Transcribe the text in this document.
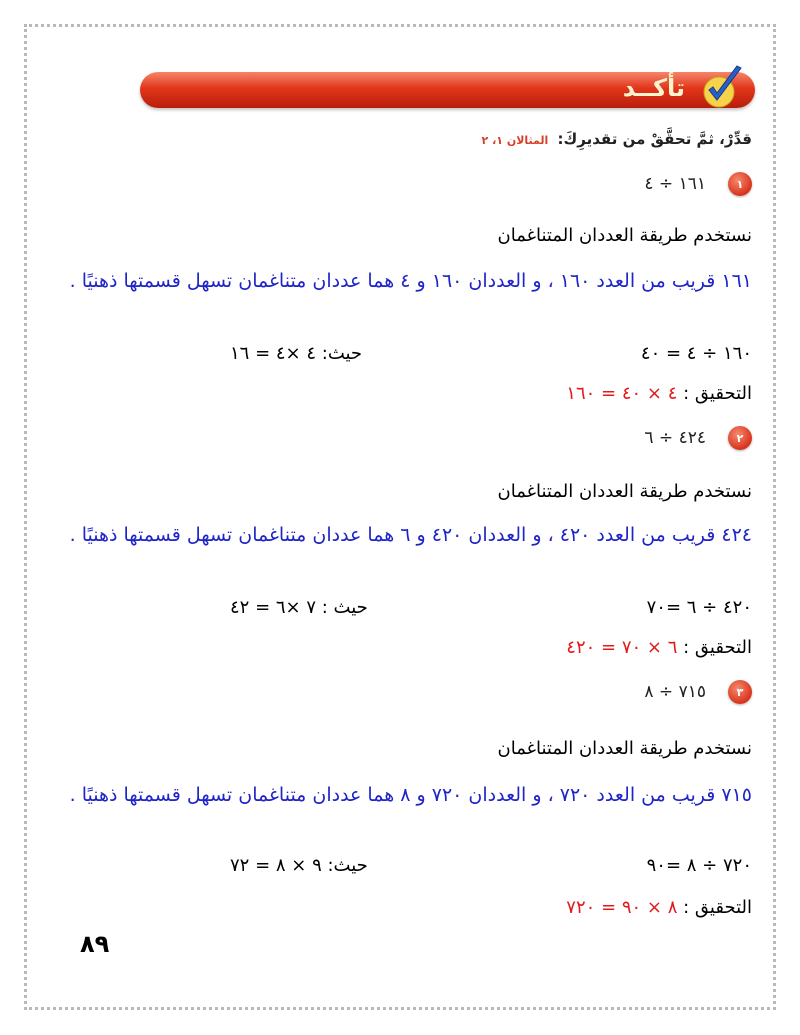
تأكــد
قدِّرْ، ثمَّ تحقَّقْ من تقديرِكَ: المثالان ١، ٢
١
١٦١ ÷ ٤
نستخدم طريقة العددان المتناغمان
١٦١ قريب من العدد ١٦٠ ، و العددان ١٦٠ و ٤ هما عددان متناغمان تسهل قسمتها ذهنيًا .
حيث: ٤ ×٤ = ١٦	١٦٠ ÷ ٤ = ٤٠
التحقيق : ٤ × ٤٠ = ١٦٠
٢
٤٢٤ ÷ ٦
نستخدم طريقة العددان المتناغمان
٤٢٤ قريب من العدد ٤٢٠ ، و العددان ٤٢٠ و ٦ هما عددان متناغمان تسهل قسمتها ذهنيًا .
حيث : ٧ ×٦ = ٤٢	٤٢٠ ÷ ٦ =٧٠
التحقيق : ٦ × ٧٠ = ٤٢٠
٣
٧١٥ ÷ ٨
نستخدم طريقة العددان المتناغمان
٧١٥ قريب من العدد ٧٢٠ ، و العددان ٧٢٠ و ٨ هما عددان متناغمان تسهل قسمتها ذهنيًا .
حيث: ٩ × ٨ = ٧٢	٧٢٠ ÷ ٨ =٩٠
التحقيق : ٨ × ٩٠ = ٧٢٠
٨٩
